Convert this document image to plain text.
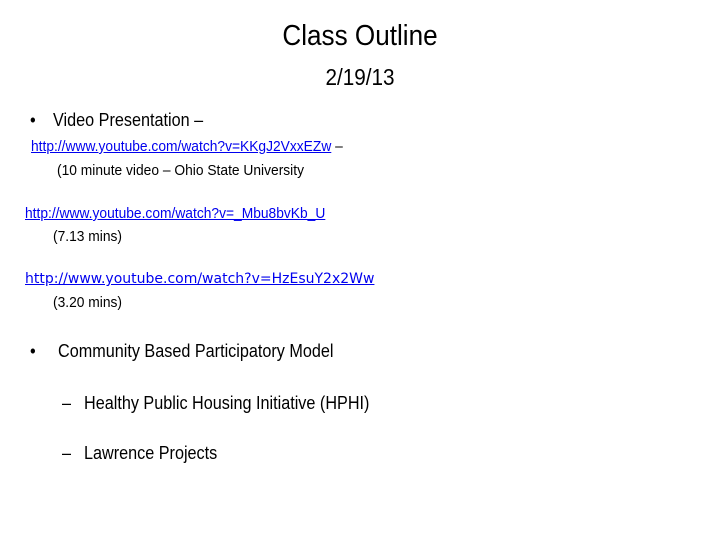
Class Outline
2/19/13
• Video Presentation –
http://www.youtube.com/watch?v=KKgJ2VxxEZw –
(10 minute video – Ohio State University
http://www.youtube.com/watch?v=_Mbu8bvKb_U
(7.13 mins)
http://www.youtube.com/watch?v=HzEsuY2x2Ww
(3.20 mins)
• Community Based Participatory Model
– Healthy Public Housing Initiative (HPHI)
– Lawrence Projects
